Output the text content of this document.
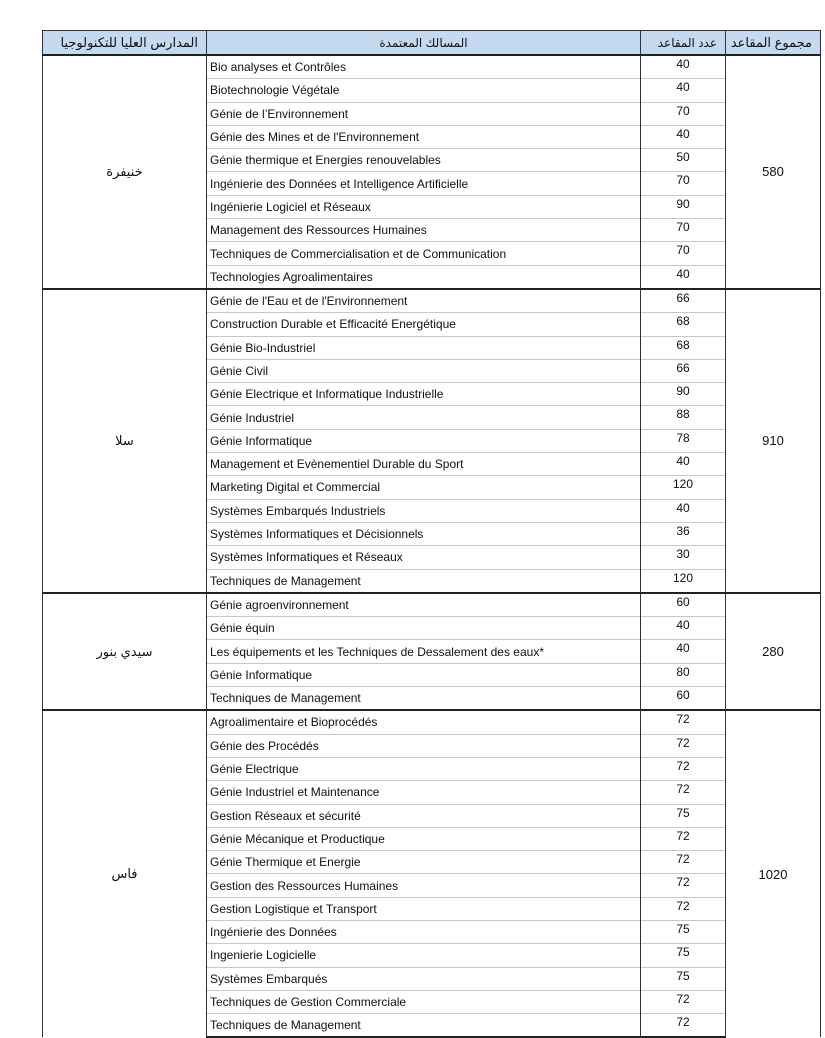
المدارس العليا للتكنولوجيا	المسالك المعتمدة	عدد المقاعد	مجموع المقاعد
خنيفرة	Bio analyses et Contrôles	40	580
	Biotechnologie Végétale	40	
	Génie de l’Environnement	70	
	Génie des Mines et de l'Environnement	40	
	Génie thermique et Energies renouvelables	50	
	Ingénierie des Données et Intelligence Artificielle	70	
	Ingénierie Logiciel et Réseaux	90	
	Management des Ressources Humaines	70	
	Techniques de Commercialisation et de Communication	70	
	Technologies Agroalimentaires	40	
سلا	Génie de l'Eau et de l'Environnement	66	910
	Construction Durable et Efficacité Energétique	68	
	Génie Bio-Industriel	68	
	Génie Civil	66	
	Génie Electrique et Informatique Industrielle	90	
	Génie Industriel	88	
	Génie Informatique	78	
	Management et Evènementiel Durable du Sport	40	
	Marketing Digital et Commercial	120	
	Systèmes Embarqués Industriels	40	
	Systèmes Informatiques et Décisionnels	36	
	Systèmes Informatiques et Réseaux	30	
	Techniques de Management	120	
سيدي بنور	Génie agroenvironnement	60	280
	Génie équin	40	
	Les équipements et les Techniques de Dessalement des eaux*	40	
	Génie Informatique	80	
	Techniques de Management	60	
فاس	Agroalimentaire et Bioprocédés	72	1020
	Génie des Procédés	72	
	Génie Electrique	72	
	Génie Industriel et Maintenance	72	
	Gestion Réseaux et sécurité	75	
	Génie Mécanique et Productique	72	
	Génie Thermique et Energie	72	
	Gestion des Ressources Humaines	72	
	Gestion Logistique et Transport	72	
	Ingénierie des Données	75	
	Ingenierie Logicielle	75	
	Systèmes Embarqués	75	
	Techniques de Gestion Commerciale	72	
	Techniques de Management	72	
